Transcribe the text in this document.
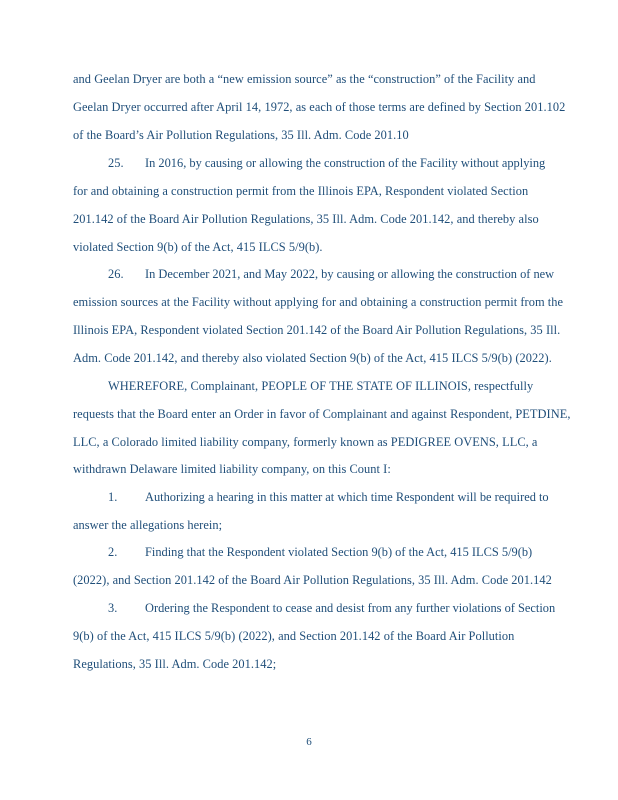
and Geelan Dryer are both a “new emission source” as the “construction” of the Facility and
Geelan Dryer occurred after April 14, 1972, as each of those terms are defined by Section 201.102
of the Board’s Air Pollution Regulations, 35 Ill. Adm. Code 201.10
25. In 2016, by causing or allowing the construction of the Facility without applying
for and obtaining a construction permit from the Illinois EPA, Respondent violated Section
201.142 of the Board Air Pollution Regulations, 35 Ill. Adm. Code 201.142, and thereby also
violated Section 9(b) of the Act, 415 ILCS 5/9(b).
26. In December 2021, and May 2022, by causing or allowing the construction of new
emission sources at the Facility without applying for and obtaining a construction permit from the
Illinois EPA, Respondent violated Section 201.142 of the Board Air Pollution Regulations, 35 Ill.
Adm. Code 201.142, and thereby also violated Section 9(b) of the Act, 415 ILCS 5/9(b) (2022).
WHEREFORE, Complainant, PEOPLE OF THE STATE OF ILLINOIS, respectfully
requests that the Board enter an Order in favor of Complainant and against Respondent, PETDINE,
LLC, a Colorado limited liability company, formerly known as PEDIGREE OVENS, LLC, a
withdrawn Delaware limited liability company, on this Count I:
1. Authorizing a hearing in this matter at which time Respondent will be required to
answer the allegations herein;
2. Finding that the Respondent violated Section 9(b) of the Act, 415 ILCS 5/9(b)
(2022), and Section 201.142 of the Board Air Pollution Regulations, 35 Ill. Adm. Code 201.142
3. Ordering the Respondent to cease and desist from any further violations of Section
9(b) of the Act, 415 ILCS 5/9(b) (2022), and Section 201.142 of the Board Air Pollution
Regulations, 35 Ill. Adm. Code 201.142;
6
